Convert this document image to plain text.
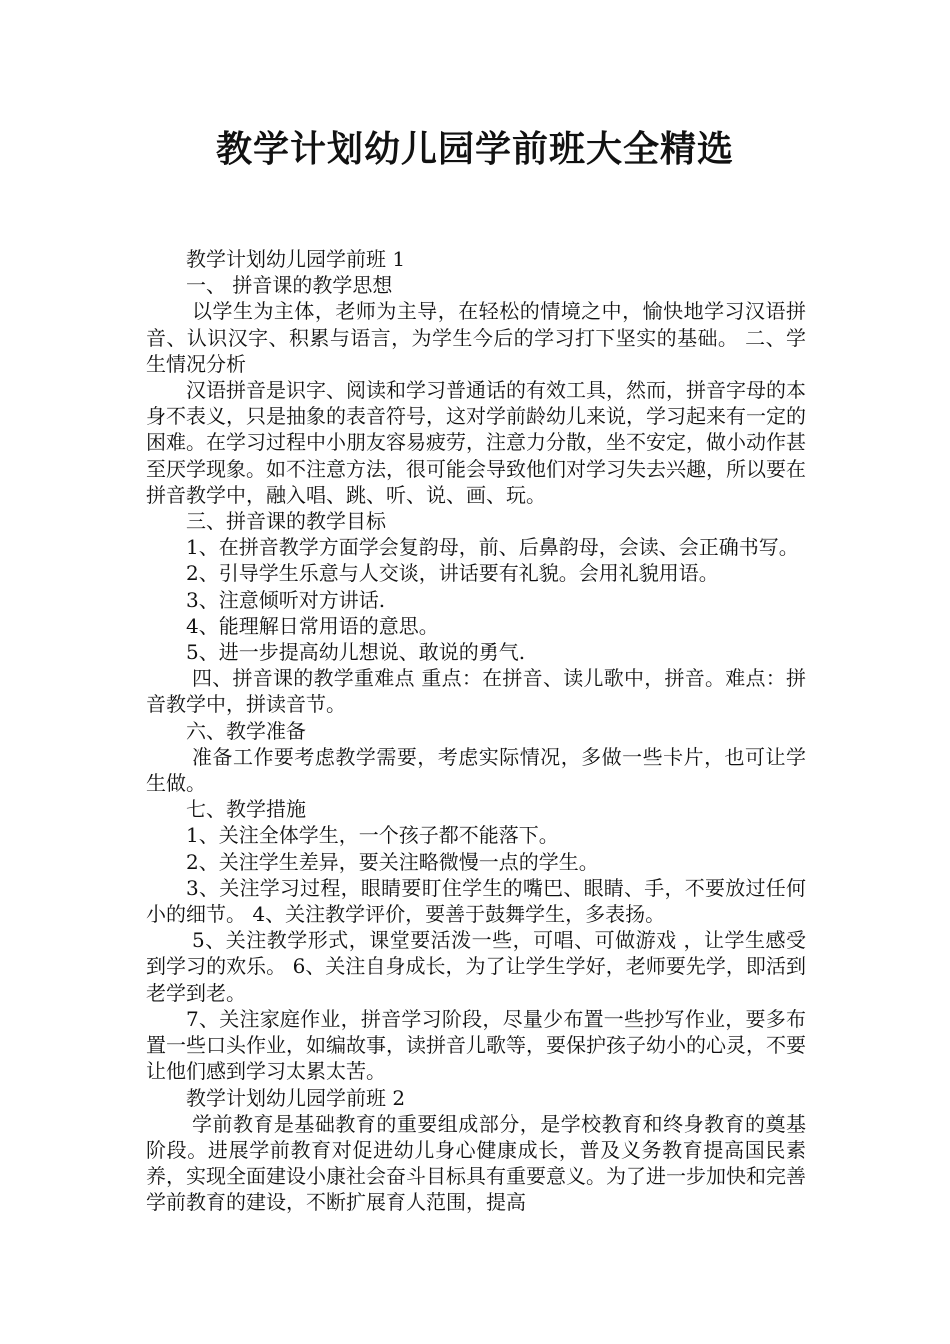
教学计划幼儿园学前班大全精选

教学计划幼儿园学前班 1

一、 拼音课的教学思想

以学生为主体，老师为主导，在轻松的情境之中，愉快地学习汉语拼音、认识汉字、积累与语言，为学生今后的学习打下坚实的基础。 二、学生情况分析

汉语拼音是识字、阅读和学习普通话的有效工具，然而，拼音字母的本身不表义，只是抽象的表音符号，这对学前龄幼儿来说，学习起来有一定的困难。在学习过程中小朋友容易疲劳，注意力分散，坐不安定，做小动作甚至厌学现象。如不注意方法，很可能会导致他们对学习失去兴趣，所以要在拼音教学中，融入唱、跳、听、说、画、玩。

三、拼音课的教学目标

1、在拼音教学方面学会复韵母，前、后鼻韵母，会读、会正确书写。

2、引导学生乐意与人交谈，讲话要有礼貌。会用礼貌用语。

3、注意倾听对方讲话.

4、能理解日常用语的意思。

5、进一步提高幼儿想说、敢说的勇气.

四、拼音课的教学重难点 重点：在拼音、读儿歌中，拼音。难点：拼音教学中，拼读音节。

六、教学准备

准备工作要考虑教学需要，考虑实际情况，多做一些卡片，也可让学生做。

七、教学措施

1、关注全体学生，一个孩子都不能落下。

2、关注学生差异，要关注略微慢一点的学生。

3、关注学习过程，眼睛要盯住学生的嘴巴、眼睛、手，不要放过任何小的细节。 4、关注教学评价，要善于鼓舞学生，多表扬。

5、关注教学形式，课堂要活泼一些，可唱、可做游戏 ，让学生感受到学习的欢乐。 6、关注自身成长，为了让学生学好，老师要先学，即活到老学到老。

7、关注家庭作业，拼音学习阶段，尽量少布置一些抄写作业，要多布置一些口头作业，如编故事，读拼音儿歌等，要保护孩子幼小的心灵，不要让他们感到学习太累太苦。

教学计划幼儿园学前班 2

学前教育是基础教育的重要组成部分，是学校教育和终身教育的奠基阶段。进展学前教育对促进幼儿身心健康成长，普及义务教育提高国民素养，实现全面建设小康社会奋斗目标具有重要意义。为了进一步加快和完善学前教育的建设，不断扩展育人范围，提高
